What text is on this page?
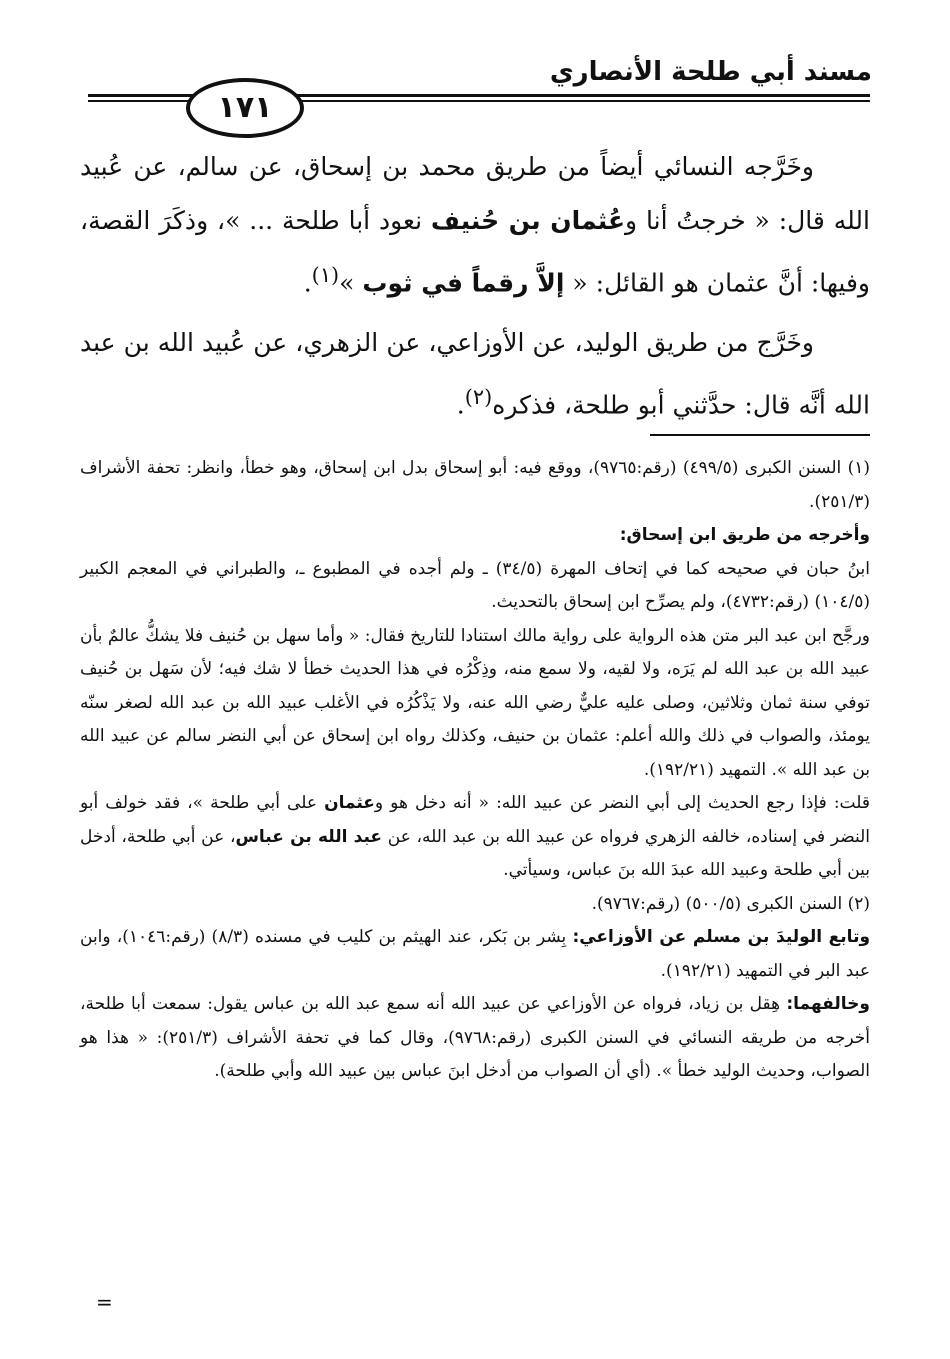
مسند أبي طلحة الأنصاري
١٧١

وخَرَّجه النسائي أيضاً من طريق محمد بن إسحاق، عن سالم، عن عُبيد الله قال: « خرجتُ أنا وعُثمان بن حُنيف نعود أبا طلحة ... »، وذكَرَ القصة، وفيها: أنَّ عثمان هو القائل: « إلاَّ رقماً في ثوب »$^{(١)}$.

وخَرَّج من طريق الوليد، عن الأوزاعي، عن الزهري، عن عُبيد الله بن عبد الله أنَّه قال: حدَّثني أبو طلحة، فذكره$^{(٢)}$.

(١) السنن الكبرى (٤٩٩/٥) (رقم:٩٧٦٥)، ووقع فيه: أبو إسحاق بدل ابن إسحاق، وهو خطأ، وانظر: تحفة الأشراف (٢٥١/٣).

وأخرجه من طريق ابن إسحاق:

ابنُ حبان في صحيحه كما في إتحاف المهرة (٣٤/٥) ـ ولم أجده في المطبوع ـ، والطبراني في المعجم الكبير (١٠٤/٥) (رقم:٤٧٣٢)، ولم يصرِّح ابن إسحاق بالتحديث.

ورجَّح ابن عبد البر متن هذه الرواية على رواية مالك استنادا للتاريخ فقال: « وأما سهل بن حُنيف فلا يشكُّ عالمٌ بأن عبيد الله بن عبد الله لم يَرَه، ولا لقيه، ولا سمع منه، وذِكْرُه في هذا الحديث خطأ لا شك فيه؛ لأن سَهل بن حُنيف توفي سنة ثمان وثلاثين، وصلى عليه عليٌّ رضي الله عنه، ولا يَذْكُرُه في الأغلب عبيد الله بن عبد الله لصغر سنّه يومئذ، والصواب في ذلك والله أعلم: عثمان بن حنيف، وكذلك رواه ابن إسحاق عن أبي النضر سالم عن عبيد الله بن عبد الله ». التمهيد (١٩٢/٢١).

قلت: فإذا رجع الحديث إلى أبي النضر عن عبيد الله: « أنه دخل هو وعثمان على أبي طلحة »، فقد خولف أبو النضر في إسناده، خالفه الزهري فرواه عن عبيد الله بن عبد الله، عن عبد الله بن عباس، عن أبي طلحة، أدخل بين أبي طلحة وعبيد الله عبدَ الله بنَ عباس، وسيأتي.

(٢) السنن الكبرى (٥٠٠/٥) (رقم:٩٧٦٧).

وتابع الوليدَ بن مسلم عن الأوزاعي: بِشر بن بَكر، عند الهيثم بن كليب في مسنده (٨/٣) (رقم:١٠٤٦)، وابن عبد البر في التمهيد (١٩٢/٢١).

وخالفهما: هِقل بن زياد، فرواه عن الأوزاعي عن عبيد الله أنه سمع عبد الله بن عباس يقول: سمعت أبا طلحة، أخرجه من طريقه النسائي في السنن الكبرى (رقم:٩٧٦٨)، وقال كما في تحفة الأشراف (٢٥١/٣): « هذا هو الصواب، وحديث الوليد خطأ ». (أي أن الصواب من أدخل ابنَ عباس بين عبيد الله وأبي طلحة).

=
